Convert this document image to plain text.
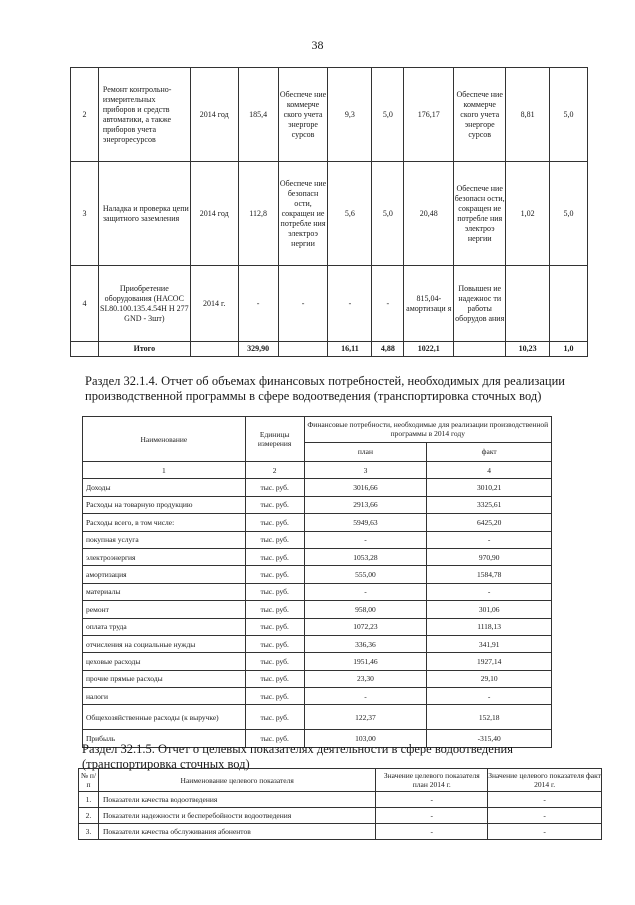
38
2	Ремонт контрольно-измерительных приборов и средств автоматики, а также приборов учета энергоресурсов	2014 год	185,4	Обеспече ние коммерче ского учета энергоре сурсов	9,3	5,0	176,17	Обеспече ние коммерче ского учета энергоре сурсов	8,81	5,0
3	Наладка и проверка цепи защитного заземления	2014 год	112,8	Обеспече ние безопасн ости, сокращен ие потребле ния электроэ нергии	5,6	5,0	20,48	Обеспече ние безопасн ости, сокращен ие потребле ния электроэ нергии	1,02	5,0
4	Приобретение оборудования (НАСОС SI.80.100.135.4.54H H 277 GND - 3шт)	2014 г.	-	-	-	-	815,04- амортизаци я	Повышен ие надежнос ти работы оборудов ания		
	Итого		329,90		16,11	4,88	1022,1		10,23	1,0
Раздел 32.1.4. Отчет об объемах финансовых потребностей, необходимых для реализации производственной программы в сфере водоотведения (транспортировка сточных вод)
Наименование	Единицы измерения	Финансовые потребности, необходимые для реализации производственной программы в 2014 году	
		план	факт
1	2	3	4
Доходы	тыс. руб.	3016,66	3010,21
Расходы на товарную продукцию	тыс. руб.	2913,66	3325,61
Расходы всего, в том числе:	тыс. руб.	5949,63	6425,20
покупная услуга	тыс. руб.	-	-
электроэнергия	тыс. руб.	1053,28	970,90
амортизация	тыс. руб.	555,00	1584,78
материалы	тыс. руб.	-	-
ремонт	тыс. руб.	958,00	301,06
оплата труда	тыс. руб.	1072,23	1118,13
отчисления на социальные нужды	тыс. руб.	336,36	341,91
цеховые расходы	тыс. руб.	1951,46	1927,14
прочие прямые расходы	тыс. руб.	23,30	29,10
налоги	тыс. руб.	-	-
Общехозяйственные расходы (к выручке)	тыс. руб.	122,37	152,18
Прибыль	тыс. руб.	103,00	-315,40
Раздел 32.1.5. Отчет о целевых показателях деятельности в сфере водоотведения (транспортировка сточных вод)
№ п/п	Наименование целевого показателя	Значение целевого показателя план 2014 г.	Значение целевого показателя факт 2014 г.
1.	Показатели качества водоотведения	-	-
2.	Показатели надежности и бесперебойности водоотведения	-	-
3.	Показатели качества обслуживания абонентов	-	-
